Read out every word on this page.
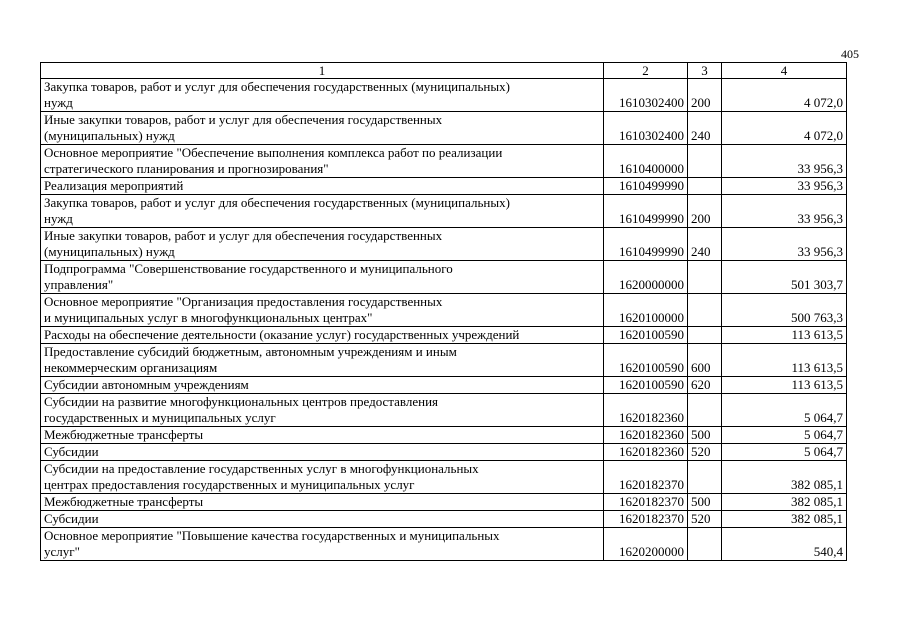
405
1	2	3	4
Закупка товаров, работ и услуг для обеспечения государственных (муниципальных)
нужд	1610302400	200	4 072,0
Иные закупки товаров, работ и услуг для обеспечения государственных
(муниципальных) нужд	1610302400	240	4 072,0
Основное мероприятие "Обеспечение выполнения комплекса работ по реализации
стратегического планирования и прогнозирования"	1610400000		33 956,3
Реализация мероприятий	1610499990		33 956,3
Закупка товаров, работ и услуг для обеспечения государственных (муниципальных)
нужд	1610499990	200	33 956,3
Иные закупки товаров, работ и услуг для обеспечения государственных
(муниципальных) нужд	1610499990	240	33 956,3
Подпрограмма "Совершенствование государственного и муниципального
управления"	1620000000		501 303,7
Основное мероприятие "Организация предоставления государственных
и муниципальных услуг в многофункциональных центрах"	1620100000		500 763,3
Расходы на обеспечение деятельности (оказание услуг) государственных учреждений	1620100590		113 613,5
Предоставление субсидий бюджетным, автономным учреждениям и иным
некоммерческим организациям	1620100590	600	113 613,5
Субсидии автономным учреждениям	1620100590	620	113 613,5
Субсидии на развитие многофункциональных центров предоставления
государственных и муниципальных услуг	1620182360		5 064,7
Межбюджетные трансферты	1620182360	500	5 064,7
Субсидии	1620182360	520	5 064,7
Субсидии на предоставление государственных услуг в многофункциональных
центрах предоставления государственных и муниципальных услуг	1620182370		382 085,1
Межбюджетные трансферты	1620182370	500	382 085,1
Субсидии	1620182370	520	382 085,1
Основное мероприятие "Повышение качества государственных и муниципальных
услуг"	1620200000		540,4
